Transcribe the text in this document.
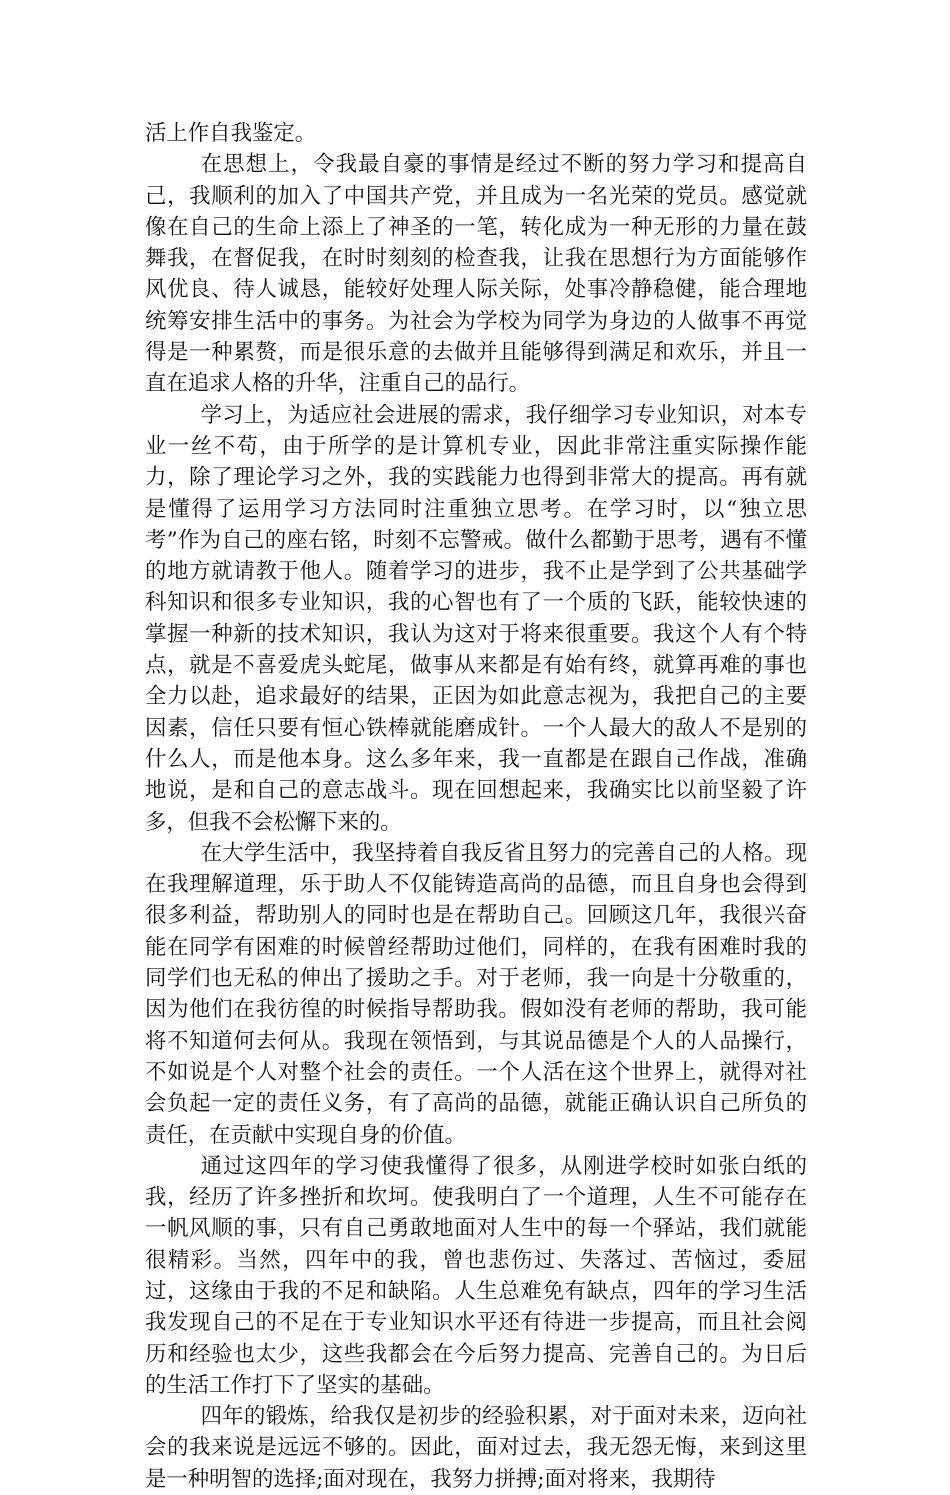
活上作自我鉴定。

在思想上，令我最自豪的事情是经过不断的努力学习和提高自己，我顺利的加入了中国共产党，并且成为一名光荣的党员。感觉就像在自己的生命上添上了神圣的一笔，转化成为一种无形的力量在鼓舞我，在督促我，在时时刻刻的检查我，让我在思想行为方面能够作风优良、待人诚恳，能较好处理人际关际，处事冷静稳健，能合理地统筹安排生活中的事务。为社会为学校为同学为身边的人做事不再觉得是一种累赘，而是很乐意的去做并且能够得到满足和欢乐，并且一直在追求人格的升华，注重自己的品行。

学习上，为适应社会进展的需求，我仔细学习专业知识，对本专业一丝不苟，由于所学的是计算机专业，因此非常注重实际操作能力，除了理论学习之外，我的实践能力也得到非常大的提高。再有就是懂得了运用学习方法同时注重独立思考。在学习时，以“独立思考”作为自己的座右铭，时刻不忘警戒。做什么都勤于思考，遇有不懂的地方就请教于他人。随着学习的进步，我不止是学到了公共基础学科知识和很多专业知识，我的心智也有了一个质的飞跃，能较快速的掌握一种新的技术知识，我认为这对于将来很重要。我这个人有个特点，就是不喜爱虎头蛇尾，做事从来都是有始有终，就算再难的事也全力以赴，追求最好的结果，正因为如此意志视为，我把自己的主要因素，信任只要有恒心铁棒就能磨成针。一个人最大的敌人不是别的什么人，而是他本身。这么多年来，我一直都是在跟自己作战，准确地说，是和自己的意志战斗。现在回想起来，我确实比以前坚毅了许多，但我不会松懈下来的。

在大学生活中，我坚持着自我反省且努力的完善自己的人格。现在我理解道理，乐于助人不仅能铸造高尚的品德，而且自身也会得到很多利益，帮助别人的同时也是在帮助自己。回顾这几年，我很兴奋能在同学有困难的时候曾经帮助过他们，同样的，在我有困难时我的同学们也无私的伸出了援助之手。对于老师，我一向是十分敬重的，因为他们在我彷徨的时候指导帮助我。假如没有老师的帮助，我可能将不知道何去何从。我现在领悟到，与其说品德是个人的人品操行，不如说是个人对整个社会的责任。一个人活在这个世界上，就得对社会负起一定的责任义务，有了高尚的品德，就能正确认识自己所负的责任，在贡献中实现自身的价值。

通过这四年的学习使我懂得了很多，从刚进学校时如张白纸的我，经历了许多挫折和坎坷。使我明白了一个道理，人生不可能存在一帆风顺的事，只有自己勇敢地面对人生中的每一个驿站，我们就能很精彩。当然，四年中的我，曾也悲伤过、失落过、苦恼过，委屈过，这缘由于我的不足和缺陷。人生总难免有缺点，四年的学习生活我发现自己的不足在于专业知识水平还有待进一步提高，而且社会阅历和经验也太少，这些我都会在今后努力提高、完善自己的。为日后的生活工作打下了坚实的基础。

四年的锻炼，给我仅是初步的经验积累，对于面对未来，迈向社会的我来说是远远不够的。因此，面对过去，我无怨无悔，来到这里是一种明智的选择;面对现在，我努力拼搏;面对将来，我期待
